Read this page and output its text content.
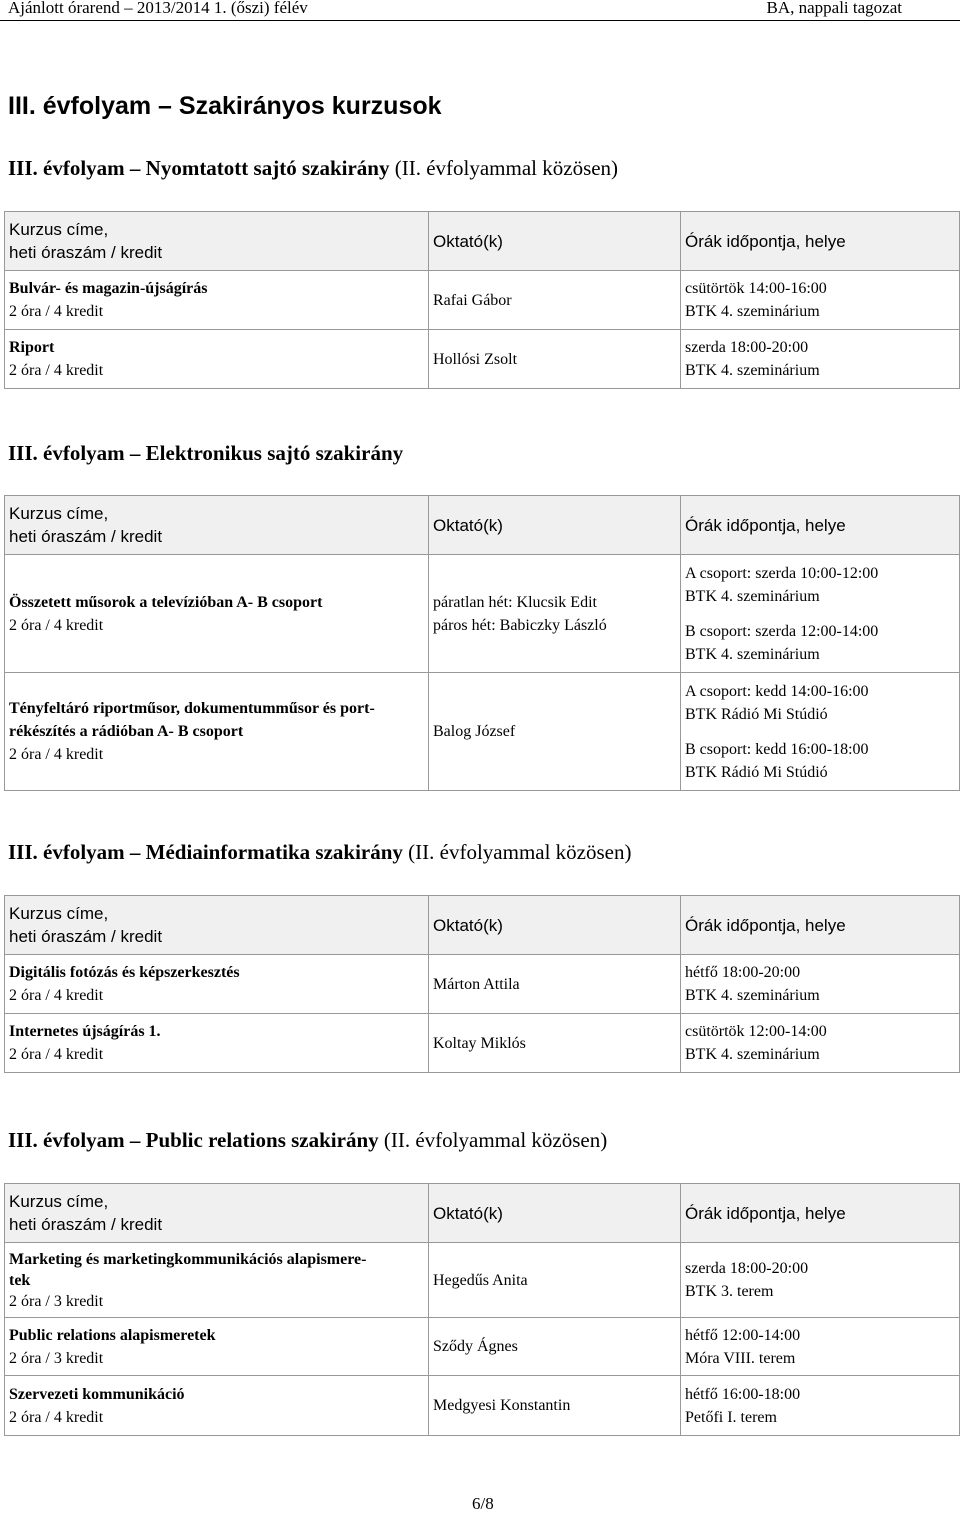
Ajánlott órarend – 2013/2014 1. (őszi) félév	BA, nappali tagozat
III. évfolyam – Szakirányos kurzusok
III. évfolyam – Nyomtatott sajtó szakirány (II. évfolyammal közösen)
Kurzus címe,
heti óraszám / kredit	Oktató(k)	Órák időpontja, helye

Bulvár- és magazin-újságírás
2 óra / 4 kredit	Rafai Gábor	csütörtök 14:00-16:00
BTK 4. szeminárium

Riport
2 óra / 4 kredit	Hollósi Zsolt	szerda 18:00-20:00
BTK 4. szeminárium
III. évfolyam – Elektronikus sajtó szakirány
Kurzus címe,
heti óraszám / kredit	Oktató(k)	Órák időpontja, helye

Összetett műsorok a televízióban A- B csoport
2 óra / 4 kredit	páratlan hét: Klucsik Edit
páros hét: Babiczky László	A csoport: szerda 10:00-12:00
BTK 4. szeminárium
B csoport: szerda 12:00-14:00
BTK 4. szeminárium

Tényfeltáró riportműsor, dokumentumműsor és port-
rékészítés a rádióban A- B csoport
2 óra / 4 kredit	Balog József	A csoport: kedd 14:00-16:00
BTK Rádió Mi Stúdió
B csoport: kedd 16:00-18:00
BTK Rádió Mi Stúdió
III. évfolyam – Médiainformatika szakirány (II. évfolyammal közösen)
Kurzus címe,
heti óraszám / kredit	Oktató(k)	Órák időpontja, helye

Digitális fotózás és képszerkesztés
2 óra / 4 kredit	Márton Attila	hétfő 18:00-20:00
BTK 4. szeminárium

Internetes újságírás 1.
2 óra / 4 kredit	Koltay Miklós	csütörtök 12:00-14:00
BTK 4. szeminárium
III. évfolyam – Public relations szakirány (II. évfolyammal közösen)
Kurzus címe,
heti óraszám / kredit	Oktató(k)	Órák időpontja, helye

Marketing és marketingkommunikációs alapismere-
tek
2 óra / 3 kredit	Hegedűs Anita	szerda 18:00-20:00
BTK 3. terem

Public relations alapismeretek
2 óra / 3 kredit	Sződy Ágnes	hétfő 12:00-14:00
Móra VIII. terem

Szervezeti kommunikáció
2 óra / 4 kredit	Medgyesi Konstantin	hétfő 16:00-18:00
Petőfi I. terem
6/8
